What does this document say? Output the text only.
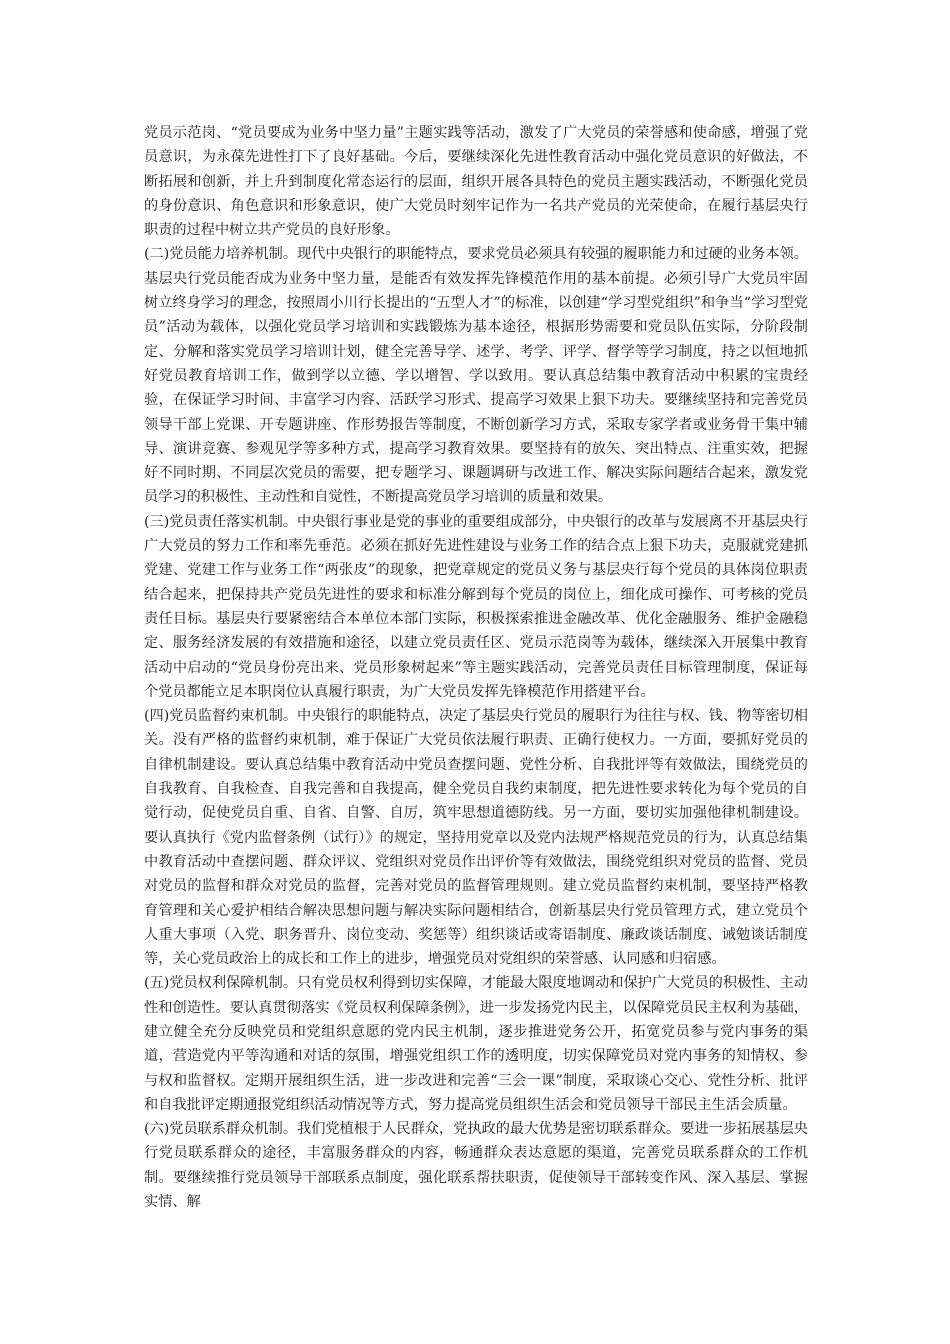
党员示范岗、“党员要成为业务中坚力量”主题实践等活动，激发了广大党员的荣誉感和使命感，增强了党员意识，为永葆先进性打下了良好基础。今后，要继续深化先进性教育活动中强化党员意识的好做法，不断拓展和创新，并上升到制度化常态运行的层面，组织开展各具特色的党员主题实践活动，不断强化党员的身份意识、角色意识和形象意识，使广大党员时刻牢记作为一名共产党员的光荣使命，在履行基层央行职责的过程中树立共产党员的良好形象。

(二)党员能力培养机制。现代中央银行的职能特点，要求党员必须具有较强的履职能力和过硬的业务本领。基层央行党员能否成为业务中坚力量，是能否有效发挥先锋模范作用的基本前提。必须引导广大党员牢固树立终身学习的理念，按照周小川行长提出的“五型人才”的标准，以创建“学习型党组织”和争当“学习型党员”活动为载体，以强化党员学习培训和实践锻炼为基本途径，根据形势需要和党员队伍实际，分阶段制定、分解和落实党员学习培训计划，健全完善导学、述学、考学、评学、督学等学习制度，持之以恒地抓好党员教育培训工作，做到学以立德、学以增智、学以致用。要认真总结集中教育活动中积累的宝贵经验，在保证学习时间、丰富学习内容、活跃学习形式、提高学习效果上狠下功夫。要继续坚持和完善党员领导干部上党课、开专题讲座、作形势报告等制度，不断创新学习方式，采取专家学者或业务骨干集中辅导、演讲竞赛、参观见学等多种方式，提高学习教育效果。要坚持有的放矢、突出特点、注重实效，把握好不同时期、不同层次党员的需要，把专题学习、课题调研与改进工作、解决实际问题结合起来，激发党员学习的积极性、主动性和自觉性，不断提高党员学习培训的质量和效果。

(三)党员责任落实机制。中央银行事业是党的事业的重要组成部分，中央银行的改革与发展离不开基层央行广大党员的努力工作和率先垂范。必须在抓好先进性建设与业务工作的结合点上狠下功夫，克服就党建抓党建、党建工作与业务工作“两张皮”的现象，把党章规定的党员义务与基层央行每个党员的具体岗位职责结合起来，把保持共产党员先进性的要求和标准分解到每个党员的岗位上，细化成可操作、可考核的党员责任目标。基层央行要紧密结合本单位本部门实际，积极探索推进金融改革、优化金融服务、维护金融稳定、服务经济发展的有效措施和途径，以建立党员责任区、党员示范岗等为载体，继续深入开展集中教育活动中启动的“党员身份亮出来、党员形象树起来”等主题实践活动，完善党员责任目标管理制度，保证每个党员都能立足本职岗位认真履行职责，为广大党员发挥先锋模范作用搭建平台。

(四)党员监督约束机制。中央银行的职能特点，决定了基层央行党员的履职行为往往与权、钱、物等密切相关。没有严格的监督约束机制，难于保证广大党员依法履行职责、正确行使权力。一方面，要抓好党员的自律机制建设。要认真总结集中教育活动中党员查摆问题、党性分析、自我批评等有效做法，围绕党员的自我教育、自我检查、自我完善和自我提高，健全党员自我约束制度，把先进性要求转化为每个党员的自觉行动，促使党员自重、自省、自警、自厉，筑牢思想道德防线。另一方面，要切实加强他律机制建设。要认真执行《党内监督条例（试行）》的规定，坚持用党章以及党内法规严格规范党员的行为，认真总结集中教育活动中查摆问题、群众评议、党组织对党员作出评价等有效做法，围绕党组织对党员的监督、党员对党员的监督和群众对党员的监督，完善对党员的监督管理规则。建立党员监督约束机制，要坚持严格教育管理和关心爱护相结合解决思想问题与解决实际问题相结合，创新基层央行党员管理方式，建立党员个人重大事项（入党、职务晋升、岗位变动、奖惩等）组织谈话或寄语制度、廉政谈话制度、诫勉谈话制度等，关心党员政治上的成长和工作上的进步，增强党员对党组织的荣誉感、认同感和归宿感。

(五)党员权利保障机制。只有党员权利得到切实保障，才能最大限度地调动和保护广大党员的积极性、主动性和创造性。要认真贯彻落实《党员权利保障条例》，进一步发扬党内民主，以保障党员民主权利为基础，建立健全充分反映党员和党组织意愿的党内民主机制，逐步推进党务公开，拓宽党员参与党内事务的渠道，营造党内平等沟通和对话的氛围，增强党组织工作的透明度，切实保障党员对党内事务的知情权、参与权和监督权。定期开展组织生活，进一步改进和完善“三会一课”制度，采取谈心交心、党性分析、批评和自我批评定期通报党组织活动情况等方式，努力提高党员组织生活会和党员领导干部民主生活会质量。

(六)党员联系群众机制。我们党植根于人民群众，党执政的最大优势是密切联系群众。要进一步拓展基层央行党员联系群众的途径，丰富服务群众的内容，畅通群众表达意愿的渠道，完善党员联系群众的工作机制。要继续推行党员领导干部联系点制度，强化联系帮扶职责，促使领导干部转变作风、深入基层、掌握实情、解
